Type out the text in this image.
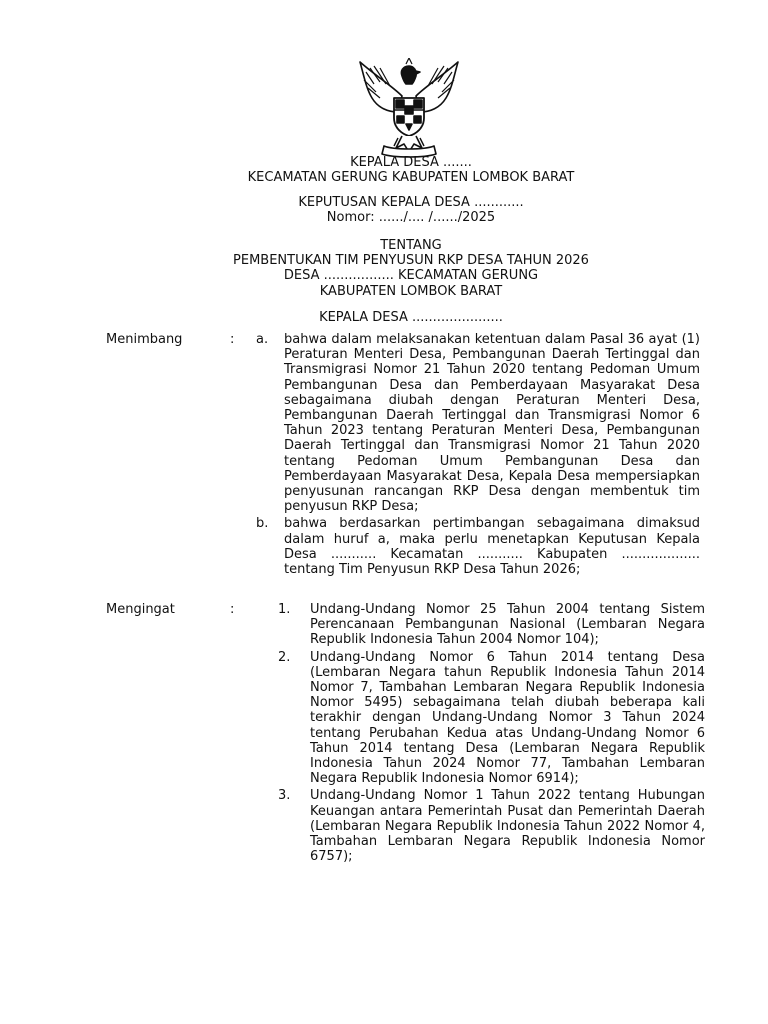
KEPALA DESA .......
KECAMATAN GERUNG KABUPATEN LOMBOK BARAT
KEPUTUSAN KEPALA DESA ............
Nomor: ....../.... /....../2025
TENTANG
PEMBENTUKAN TIM PENYUSUN RKP DESA TAHUN 2026
DESA ................. KECAMATAN GERUNG
KABUPATEN LOMBOK BARAT
KEPALA DESA ......................
Menimbang	: a. bahwa dalam melaksanakan ketentuan dalam Pasal 36 ayat (1) Peraturan Menteri Desa, Pembangunan Daerah Tertinggal dan Transmigrasi Nomor 21 Tahun 2020 tentang Pedoman Umum Pembangunan Desa dan Pemberdayaan Masyarakat Desa sebagaimana diubah dengan Peraturan Menteri Desa, Pembangunan Daerah Tertinggal dan Transmigrasi Nomor 6 Tahun 2023 tentang Peraturan Menteri Desa, Pembangunan Daerah Tertinggal dan Transmigrasi Nomor 21 Tahun 2020 tentang Pedoman Umum Pembangunan Desa dan Pemberdayaan Masyarakat Desa, Kepala Desa mempersiapkan penyusunan rancangan RKP Desa dengan membentuk tim penyusun RKP Desa;
b. bahwa berdasarkan pertimbangan sebagaimana dimaksud dalam huruf a, maka perlu menetapkan Keputusan Kepala Desa ........... Kecamatan ........... Kabupaten ................... tentang Tim Penyusun RKP Desa Tahun 2026;
Mengingat	:	1. Undang-Undang Nomor 25 Tahun 2004 tentang Sistem Perencanaan Pembangunan Nasional (Lembaran Negara Republik Indonesia Tahun 2004 Nomor 104);
2. Undang-Undang Nomor 6 Tahun 2014 tentang Desa (Lembaran Negara tahun Republik Indonesia Tahun 2014 Nomor 7, Tambahan Lembaran Negara Republik Indonesia Nomor 5495) sebagaimana telah diubah beberapa kali terakhir dengan Undang-Undang Nomor 3 Tahun 2024 tentang Perubahan Kedua atas Undang-Undang Nomor 6 Tahun 2014 tentang Desa (Lembaran Negara Republik Indonesia Tahun 2024 Nomor 77, Tambahan Lembaran Negara Republik Indonesia Nomor 6914);
3. Undang-Undang Nomor 1 Tahun 2022 tentang Hubungan Keuangan antara Pemerintah Pusat dan Pemerintah Daerah (Lembaran Negara Republik Indonesia Tahun 2022 Nomor 4, Tambahan Lembaran Negara Republik Indonesia Nomor 6757);
